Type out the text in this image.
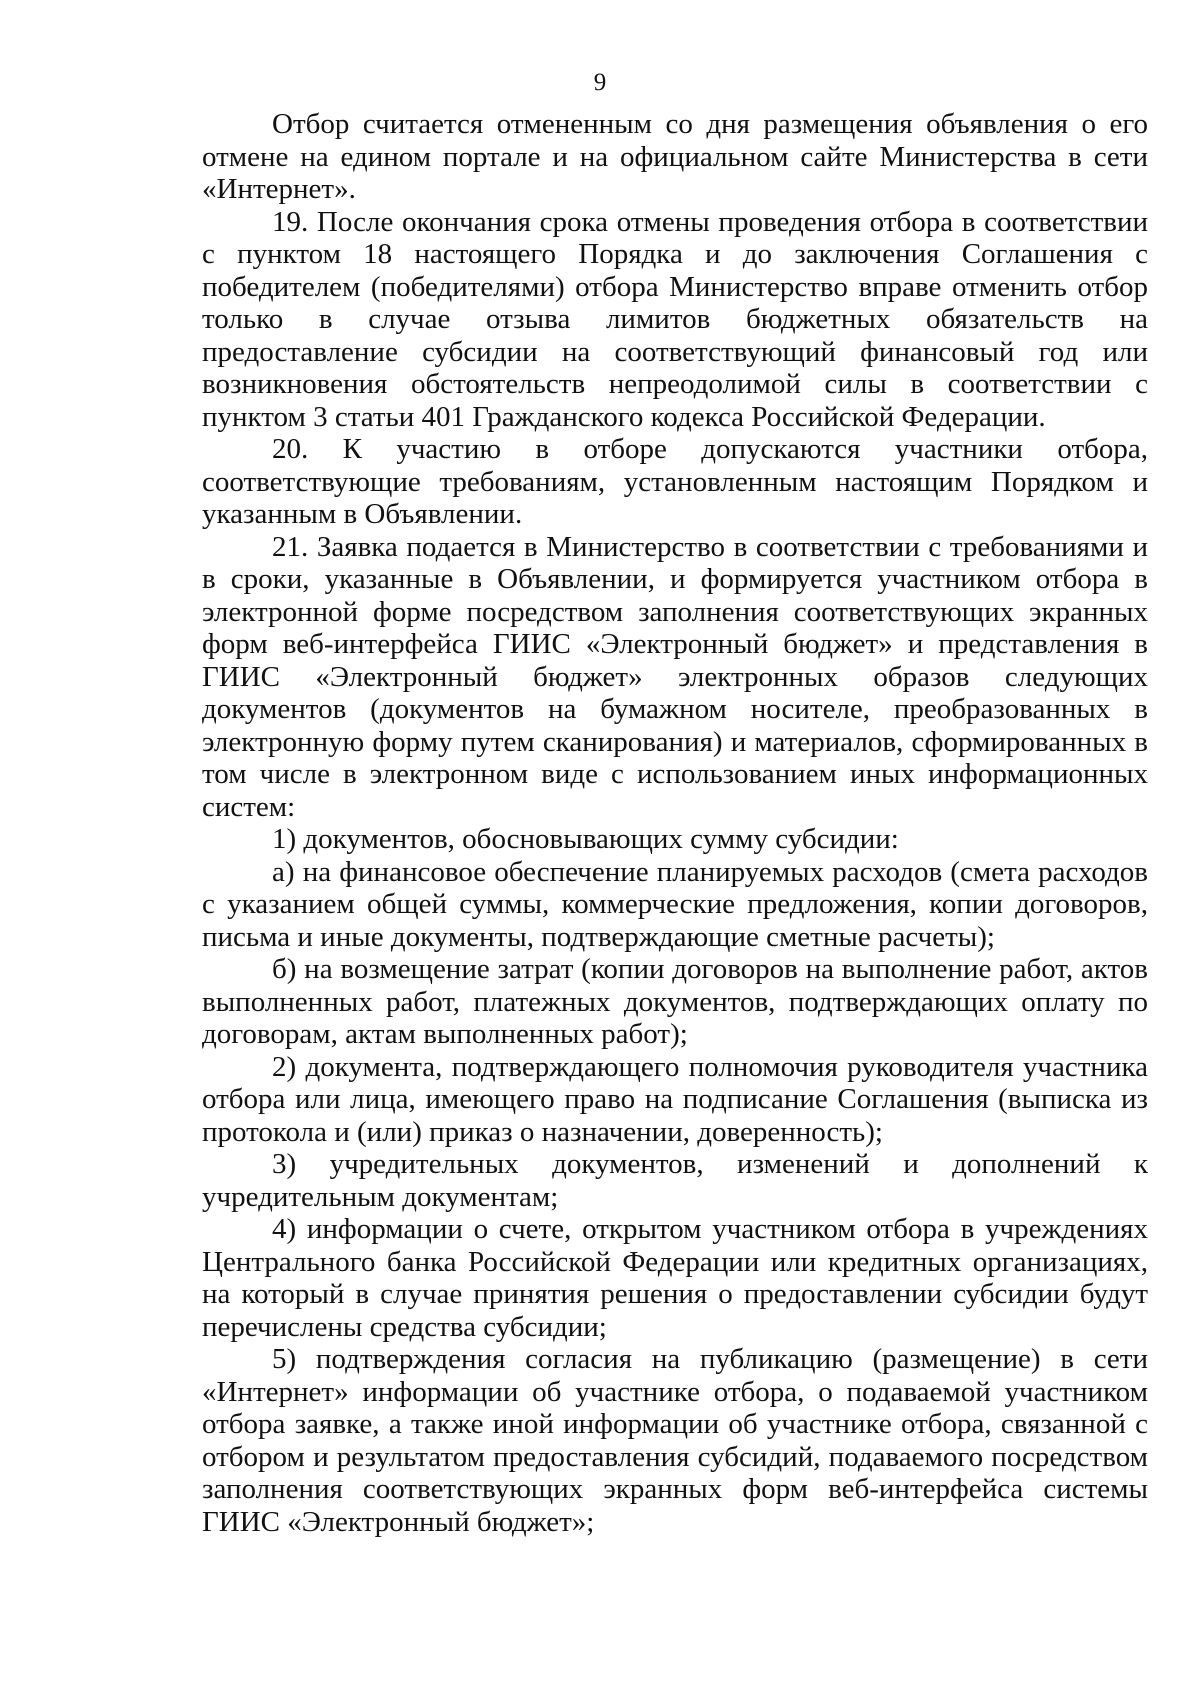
9

Отбор считается отмененным со дня размещения объявления о его отмене на едином портале и на официальном сайте Министерства в сети «Интернет».

19. После окончания срока отмены проведения отбора в соответствии с пунктом 18 настоящего Порядка и до заключения Соглашения с победителем (победителями) отбора Министерство вправе отменить отбор только в случае отзыва лимитов бюджетных обязательств на предоставление субсидии на соответствующий финансовый год или возникновения обстоятельств непреодолимой силы в соответствии с пунктом 3 статьи 401 Гражданского кодекса Российской Федерации.

20. К участию в отборе допускаются участники отбора, соответствующие требованиям, установленным настоящим Порядком и указанным в Объявлении.

21. Заявка подается в Министерство в соответствии с требованиями и в сроки, указанные в Объявлении, и формируется участником отбора в электронной форме посредством заполнения соответствующих экранных форм веб-интерфейса ГИИС «Электронный бюджет» и представления в ГИИС «Электронный бюджет» электронных образов следующих документов (документов на бумажном носителе, преобразованных в электронную форму путем сканирования) и материалов, сформированных в том числе в электронном виде с использованием иных информационных систем:

1) документов, обосновывающих сумму субсидии:

а) на финансовое обеспечение планируемых расходов (смета расходов с указанием общей суммы, коммерческие предложения, копии договоров, письма и иные документы, подтверждающие сметные расчеты);

б) на возмещение затрат (копии договоров на выполнение работ, актов выполненных работ, платежных документов, подтверждающих оплату по договорам, актам выполненных работ);

2) документа, подтверждающего полномочия руководителя участника отбора или лица, имеющего право на подписание Соглашения (выписка из протокола и (или) приказ о назначении, доверенность);

3) учредительных документов, изменений и дополнений к учредительным документам;

4) информации о счете, открытом участником отбора в учреждениях Центрального банка Российской Федерации или кредитных организациях, на который в случае принятия решения о предоставлении субсидии будут перечислены средства субсидии;

5) подтверждения согласия на публикацию (размещение) в сети «Интернет» информации об участнике отбора, о подаваемой участником отбора заявке, а также иной информации об участнике отбора, связанной с отбором и результатом предоставления субсидий, подаваемого посредством заполнения соответствующих экранных форм веб-интерфейса системы ГИИС «Электронный бюджет»;
